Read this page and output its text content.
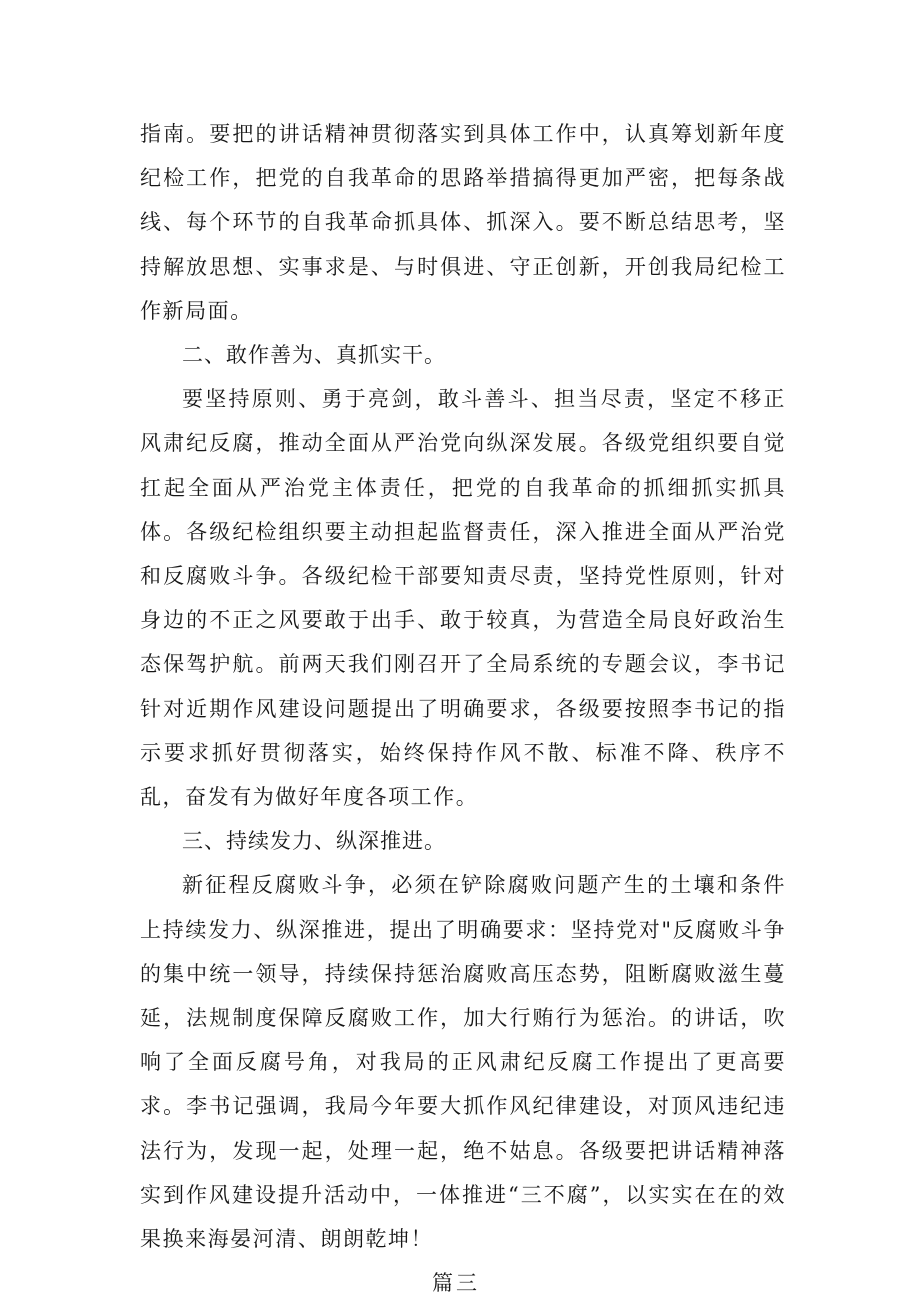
指南。要把的讲话精神贯彻落实到具体工作中，认真筹划新年度纪检工作，把党的自我革命的思路举措搞得更加严密，把每条战线、每个环节的自我革命抓具体、抓深入。要不断总结思考，坚持解放思想、实事求是、与时俱进、守正创新，开创我局纪检工作新局面。

二、敢作善为、真抓实干。

要坚持原则、勇于亮剑，敢斗善斗、担当尽责，坚定不移正风肃纪反腐，推动全面从严治党向纵深发展。各级党组织要自觉扛起全面从严治党主体责任，把党的自我革命的抓细抓实抓具体。各级纪检组织要主动担起监督责任，深入推进全面从严治党和反腐败斗争。各级纪检干部要知责尽责，坚持党性原则，针对身边的不正之风要敢于出手、敢于较真，为营造全局良好政治生态保驾护航。前两天我们刚召开了全局系统的专题会议，李书记针对近期作风建设问题提出了明确要求，各级要按照李书记的指示要求抓好贯彻落实，始终保持作风不散、标准不降、秩序不乱，奋发有为做好年度各项工作。

三、持续发力、纵深推进。

新征程反腐败斗争，必须在铲除腐败问题产生的土壤和条件上持续发力、纵深推进，提出了明确要求：坚持党对"反腐败斗争的集中统一领导，持续保持惩治腐败高压态势，阻断腐败滋生蔓延，法规制度保障反腐败工作，加大行贿行为惩治。的讲话，吹响了全面反腐号角，对我局的正风肃纪反腐工作提出了更高要求。李书记强调，我局今年要大抓作风纪律建设，对顶风违纪违法行为，发现一起，处理一起，绝不姑息。各级要把讲话精神落实到作风建设提升活动中，一体推进“三不腐”，以实实在在的效果换来海晏河清、朗朗乾坤！

篇三
